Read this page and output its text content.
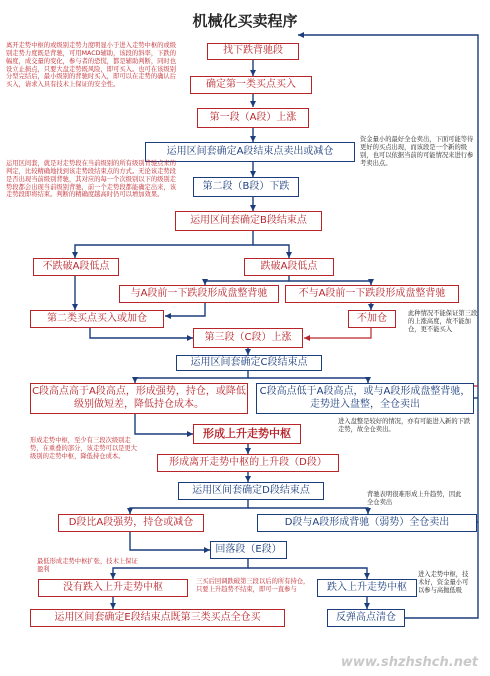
机械化买卖程序
找下跌背驰段
确定第一类买点买入
第一段（A段）上涨
运用区间套确定A段结束点卖出或减仓
第二段（B段）下跌
运用区间套确定B段结束点
不跌破A段低点	跌破A段低点
与A段前一下跌段形成盘整背驰	不与A段前一下跌段形成盘整背驰
第二类买点买入或加仓	不加仓
第三段（C段）上涨
运用区间套确定C段结束点
C段高点高于A段高点，形成强势，持仓，或降低级别做短差，降低持仓成本。
C段高点低于A段高点，或与A段形成盘整背驰，走势进入盘整，全仓卖出
形成上升走势中枢
形成离开走势中枢的上升段（D段）
运用区间套确定D段结束点
D段比A段强势，持仓或减仓	D段与A段形成背驰（弱势）全仓卖出
回落段（E段）
没有跌入上升走势中枢	跌入上升走势中枢
运用区间套确定E段结束点既第三类买点全仓买	反弹高点清仓
离开走势中枢的或级别走势力度明显小于进入走势中枢的或级别走势力度既是背驰，可用MACD辅助，该段的斜率，下跌的幅度，成交量的变化，参与者的恐慌，都是辅助判断，同时也设立止损点，只要大盘走势既风险，即可买入。也可在该级别分型完结后，最小级别的背驰时买入，即可以在走势的确认后买入，请求入具有技术上保证的安全性。
资金量小的最好全仓卖出，下面可能等待更好的买点出现，而该段是一个新的级别，也可以依据当前的可能情况来进行参考卖出点。
运用区间套，就是对走势段在当前级别的所有级别背驰点来的判定，比较精确地找到该走势段结束点的方式。无论该走势段是否出现当前级别背驰，其对应的每一个次级别以下的级别走势段都会出现当前级别背驰，前一个走势段都能确定出来，该走势段即将结束。判断的精确度越高时仍可以增加效果。
此种情况不能保证第三段的上涨高度，故不能加仓，更不能买入
进入盘整是较好的情况，亦有可能进入新的下跌走势，故全仓卖出。
形成走势中枢，至少有三段次级别走势，在重叠的部分，该走势可以是更大级别的走势中枢，降低持仓成本。
背驰表明很难形成上升趋势，因此全仓卖出
最低形成走势中枢扩张，技术上保证盈利
三买后回调跌破第三段以后的所有持仓，只要上升趋势不结束，即可一直参与
进入走势中枢，技术好，资金量小可以参与高抛低吸
www.shzhshch.net
